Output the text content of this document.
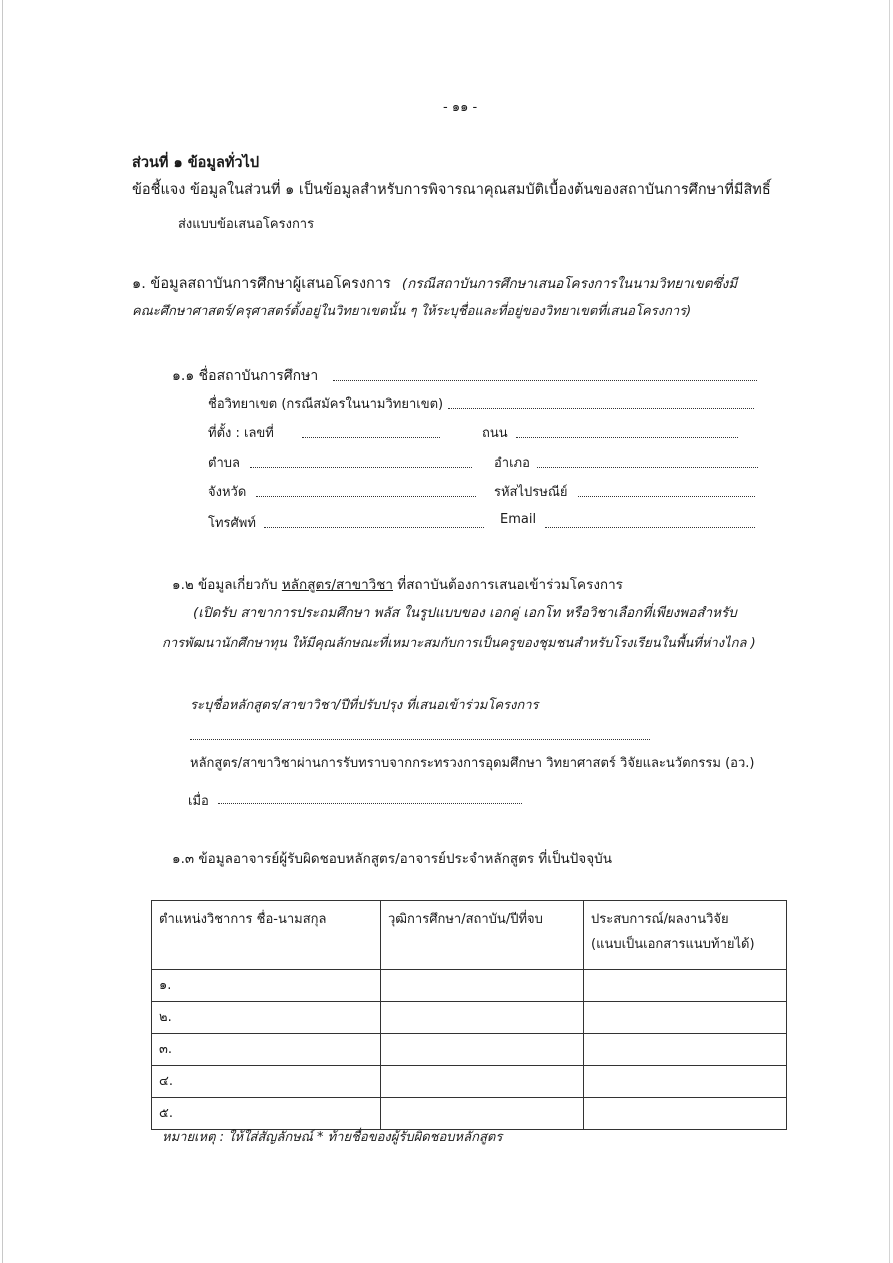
- ๑๑ -
ส่วนที่ ๑ ข้อมูลทั่วไป
ข้อชี้แจง ข้อมูลในส่วนที่ ๑ เป็นข้อมูลสำหรับการพิจารณาคุณสมบัติเบื้องต้นของสถาบันการศึกษาที่มีสิทธิ์
ส่งแบบข้อเสนอโครงการ
๑. ข้อมูลสถาบันการศึกษาผู้เสนอโครงการ (กรณีสถาบันการศึกษาเสนอโครงการในนามวิทยาเขตซึ่งมี
คณะศึกษาศาสตร์/ครุศาสตร์ตั้งอยู่ในวิทยาเขตนั้น ๆ ให้ระบุชื่อและที่อยู่ของวิทยาเขตที่เสนอโครงการ)
๑.๑ ชื่อสถาบันการศึกษา
ชื่อวิทยาเขต (กรณีสมัครในนามวิทยาเขต)
ที่ตั้ง : เลขที่	ถนน
ตำบล	อำเภอ
จังหวัด	รหัสไปรษณีย์
โทรศัพท์	Email
๑.๒ ข้อมูลเกี่ยวกับ หลักสูตร/สาขาวิชา ที่สถาบันต้องการเสนอเข้าร่วมโครงการ
(เปิดรับ สาขาการประถมศึกษา พลัส ในรูปแบบของ เอกคู่ เอกโท หรือวิชาเลือกที่เพียงพอสำหรับ
การพัฒนานักศึกษาทุน ให้มีคุณลักษณะที่เหมาะสมกับการเป็นครูของชุมชนสำหรับโรงเรียนในพื้นที่ห่างไกล )
ระบุชื่อหลักสูตร/สาขาวิชา/ปีที่ปรับปรุง ที่เสนอเข้าร่วมโครงการ
หลักสูตร/สาขาวิชาผ่านการรับทราบจากกระทรวงการอุดมศึกษา วิทยาศาสตร์ วิจัยและนวัตกรรม (อว.)
เมื่อ
๑.๓ ข้อมูลอาจารย์ผู้รับผิดชอบหลักสูตร/อาจารย์ประจำหลักสูตร ที่เป็นปัจจุบัน
ตำแหน่งวิชาการ ชื่อ-นามสกุล	วุฒิการศึกษา/สถาบัน/ปีที่จบ	ประสบการณ์/ผลงานวิจัย
(แนบเป็นเอกสารแนบท้ายได้)

๑.		
๒.		
๓.		
๔.		
๕.		
หมายเหตุ : ให้ใส่สัญลักษณ์ * ท้ายชื่อของผู้รับผิดชอบหลักสูตร
